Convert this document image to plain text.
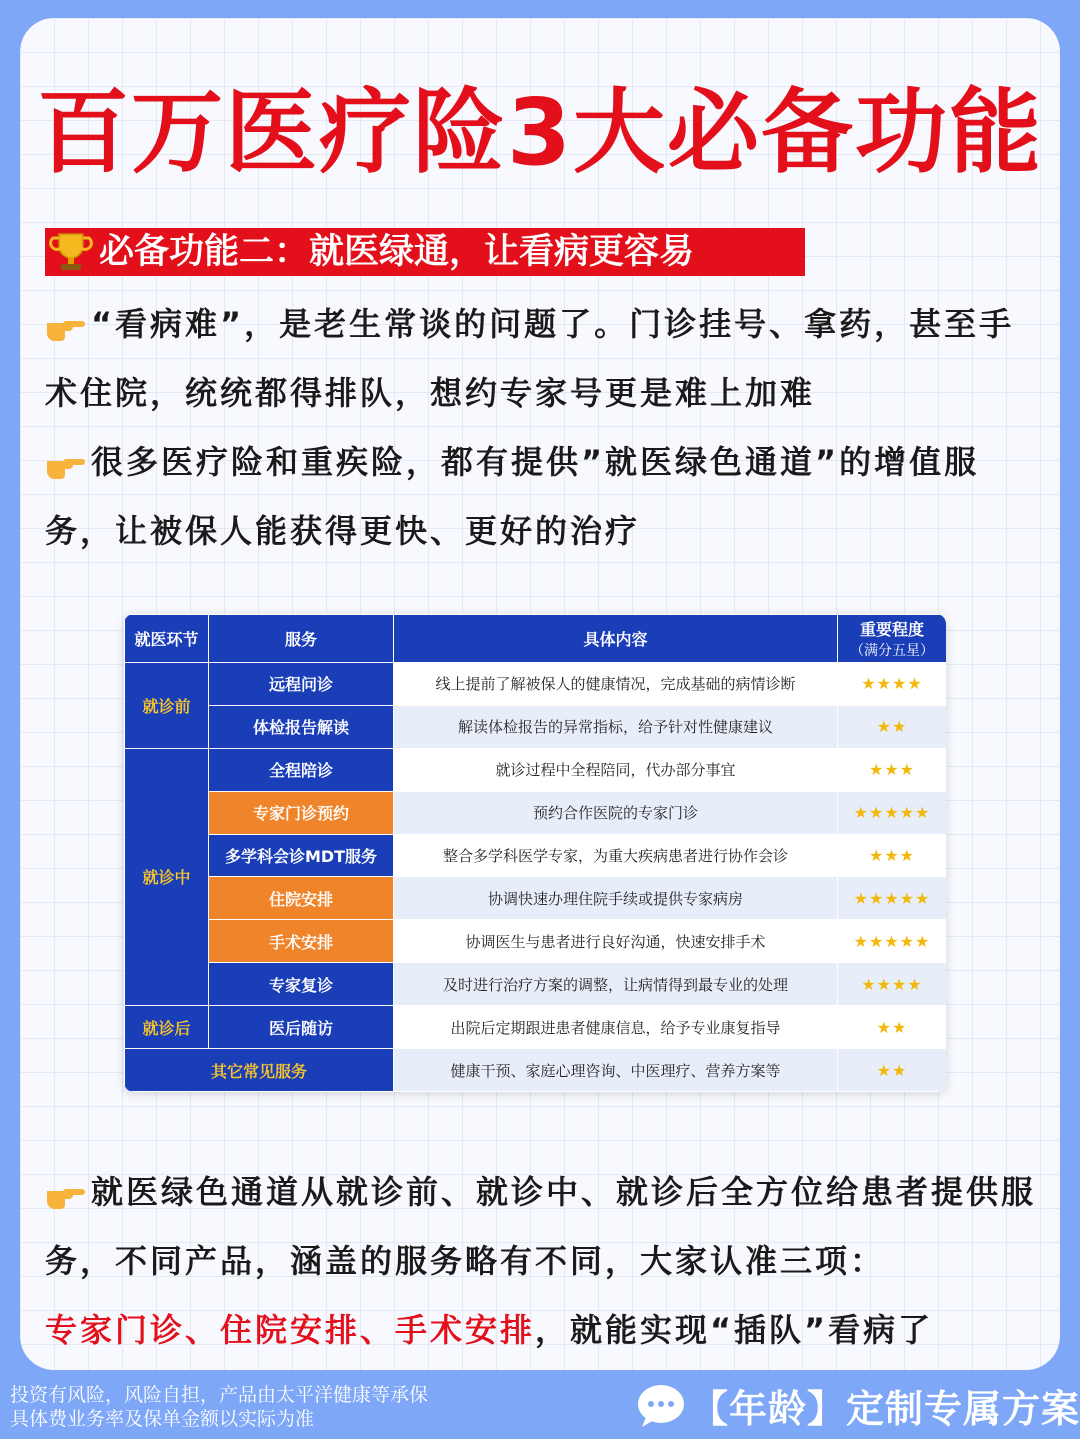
百万医疗险3大必备功能
必备功能二：就医绿通，让看病更容易
“看病难”，是老生常谈的问题了。门诊挂号、拿药，甚至手术住院，统统都得排队，想约专家号更是难上加难
很多医疗险和重疾险，都有提供”就医绿色通道”的增值服务，让被保人能获得更快、更好的治疗
就医环节	服务	具体内容	重要程度
（满分五星）

就诊前	远程问诊	线上提前了解被保人的健康情况，完成基础的病情诊断	★★★★
	体检报告解读	解读体检报告的异常指标，给予针对性健康建议	★★
就诊中	全程陪诊	就诊过程中全程陪同，代办部分事宜	★★★
	专家门诊预约	预约合作医院的专家门诊	★★★★★
	多学科会诊MDT服务	整合多学科医学专家，为重大疾病患者进行协作会诊	★★★
	住院安排	协调快速办理住院手续或提供专家病房	★★★★★
	手术安排	协调医生与患者进行良好沟通，快速安排手术	★★★★★
	专家复诊	及时进行治疗方案的调整，让病情得到最专业的处理	★★★★
就诊后	医后随访	出院后定期跟进患者健康信息，给予专业康复指导	★★
其它常见服务		健康干预、家庭心理咨询、中医理疗、营养方案等	★★
就医绿色通道从就诊前、就诊中、就诊后全方位给患者提供服务，不同产品，涵盖的服务略有不同，大家认准三项：
专家门诊、住院安排、手术安排，就能实现“插队”看病了
投资有风险，风险自担，产品由太平洋健康等承保
具体费业务率及保单金额以实际为准	【年龄】定制专属方案
